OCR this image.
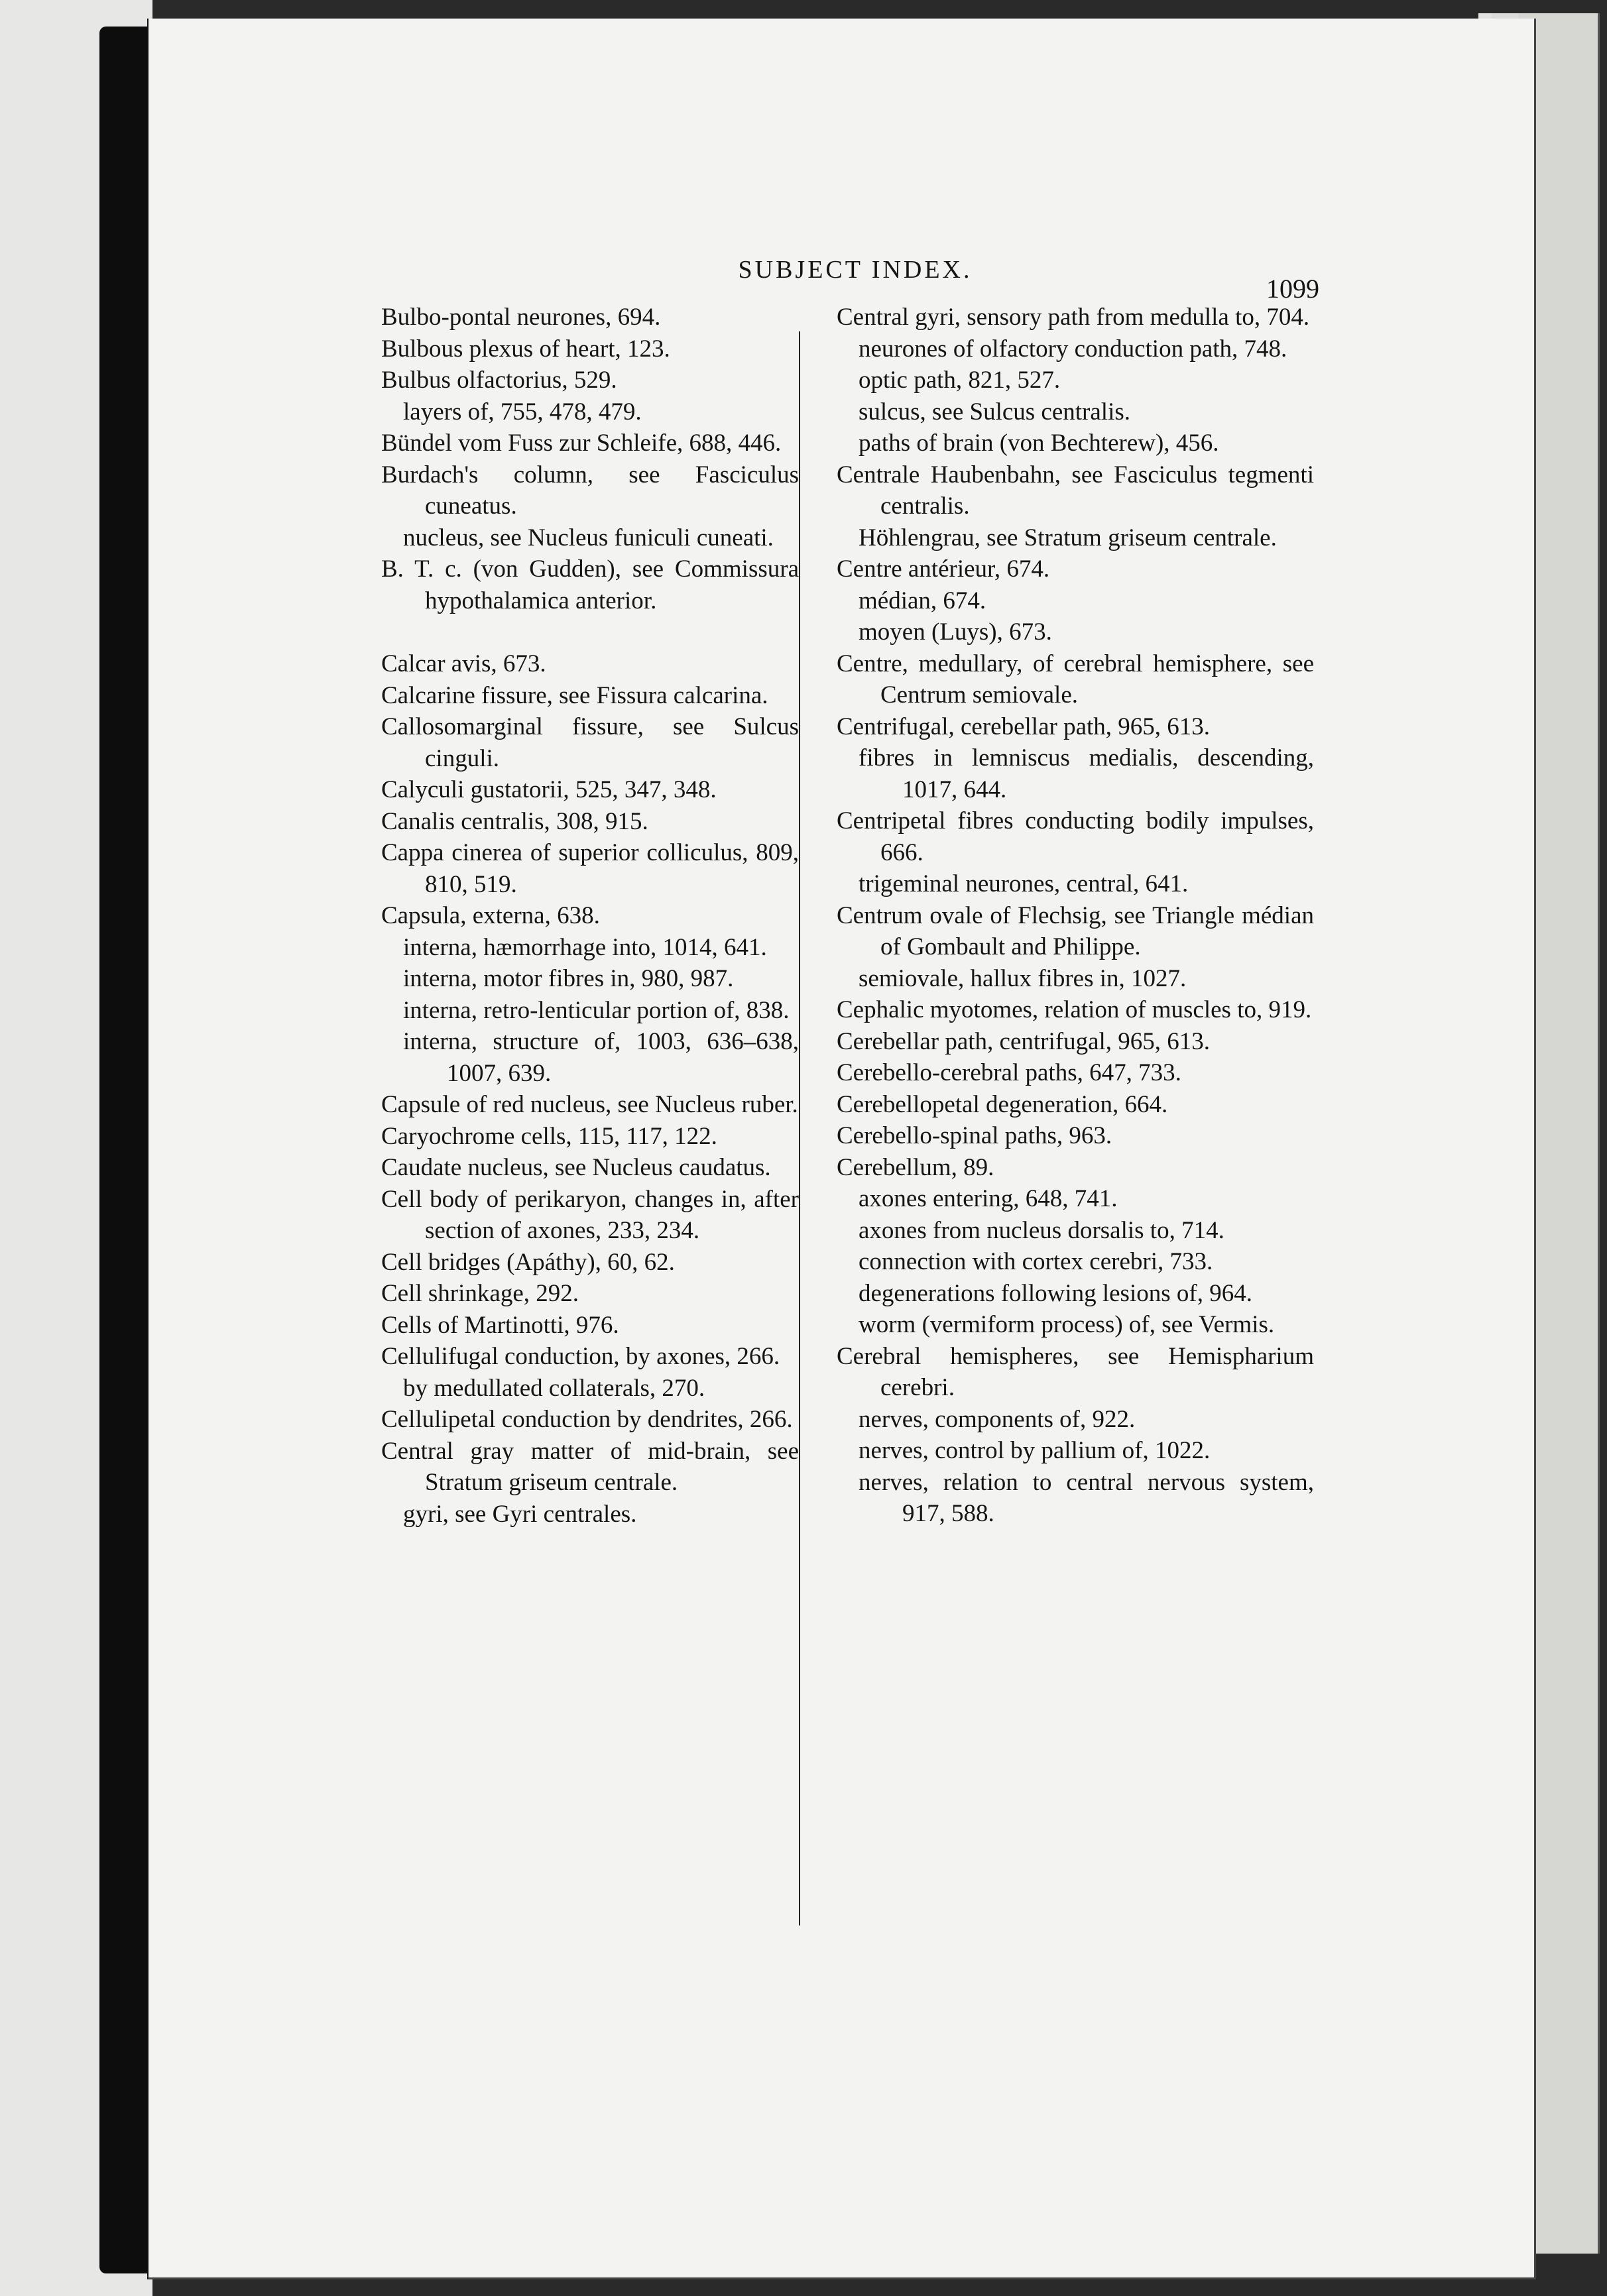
SUBJECT INDEX.
1099

Bulbo-pontal neurones, 694.

Bulbous plexus of heart, 123.

Bulbus olfactorius, 529.

layers of, 755, 478, 479.

Bündel vom Fuss zur Schleife, 688, 446.

Burdach's column, see Fasciculus cuneatus.

nucleus, see Nucleus funiculi cuneati.

B. T. c. (von Gudden), see Commissura hypothalamica anterior.

Calcar avis, 673.

Calcarine fissure, see Fissura calcarina.

Callosomarginal fissure, see Sulcus cinguli.

Calyculi gustatorii, 525, 347, 348.

Canalis centralis, 308, 915.

Cappa cinerea of superior colliculus, 809, 810, 519.

Capsula, externa, 638.

interna, hæmorrhage into, 1014, 641.

interna, motor fibres in, 980, 987.

interna, retro-lenticular portion of, 838.

interna, structure of, 1003, 636–638, 1007, 639.

Capsule of red nucleus, see Nucleus ruber.

Caryochrome cells, 115, 117, 122.

Caudate nucleus, see Nucleus caudatus.

Cell body of perikaryon, changes in, after section of axones, 233, 234.

Cell bridges (Apáthy), 60, 62.

Cell shrinkage, 292.

Cells of Martinotti, 976.

Cellulifugal conduction, by axones, 266.

by medullated collaterals, 270.

Cellulipetal conduction by dendrites, 266.

Central gray matter of mid-brain, see Stratum griseum centrale.

gyri, see Gyri centrales.

Central gyri, sensory path from medulla to, 704.

neurones of olfactory conduction path, 748.

optic path, 821, 527.

sulcus, see Sulcus centralis.

paths of brain (von Bechterew), 456.

Centrale Haubenbahn, see Fasciculus tegmenti centralis.

Höhlengrau, see Stratum griseum centrale.

Centre antérieur, 674.

médian, 674.

moyen (Luys), 673.

Centre, medullary, of cerebral hemisphere, see Centrum semiovale.

Centrifugal, cerebellar path, 965, 613.

fibres in lemniscus medialis, descending, 1017, 644.

Centripetal fibres conducting bodily impulses, 666.

trigeminal neurones, central, 641.

Centrum ovale of Flechsig, see Triangle médian of Gombault and Philippe.

semiovale, hallux fibres in, 1027.

Cephalic myotomes, relation of muscles to, 919.

Cerebellar path, centrifugal, 965, 613.

Cerebello-cerebral paths, 647, 733.

Cerebellopetal degeneration, 664.

Cerebello-spinal paths, 963.

Cerebellum, 89.

axones entering, 648, 741.

axones from nucleus dorsalis to, 714.

connection with cortex cerebri, 733.

degenerations following lesions of, 964.

worm (vermiform process) of, see Vermis.

Cerebral hemispheres, see Hemispharium cerebri.

nerves, components of, 922.

nerves, control by pallium of, 1022.

nerves, relation to central nervous system, 917, 588.
